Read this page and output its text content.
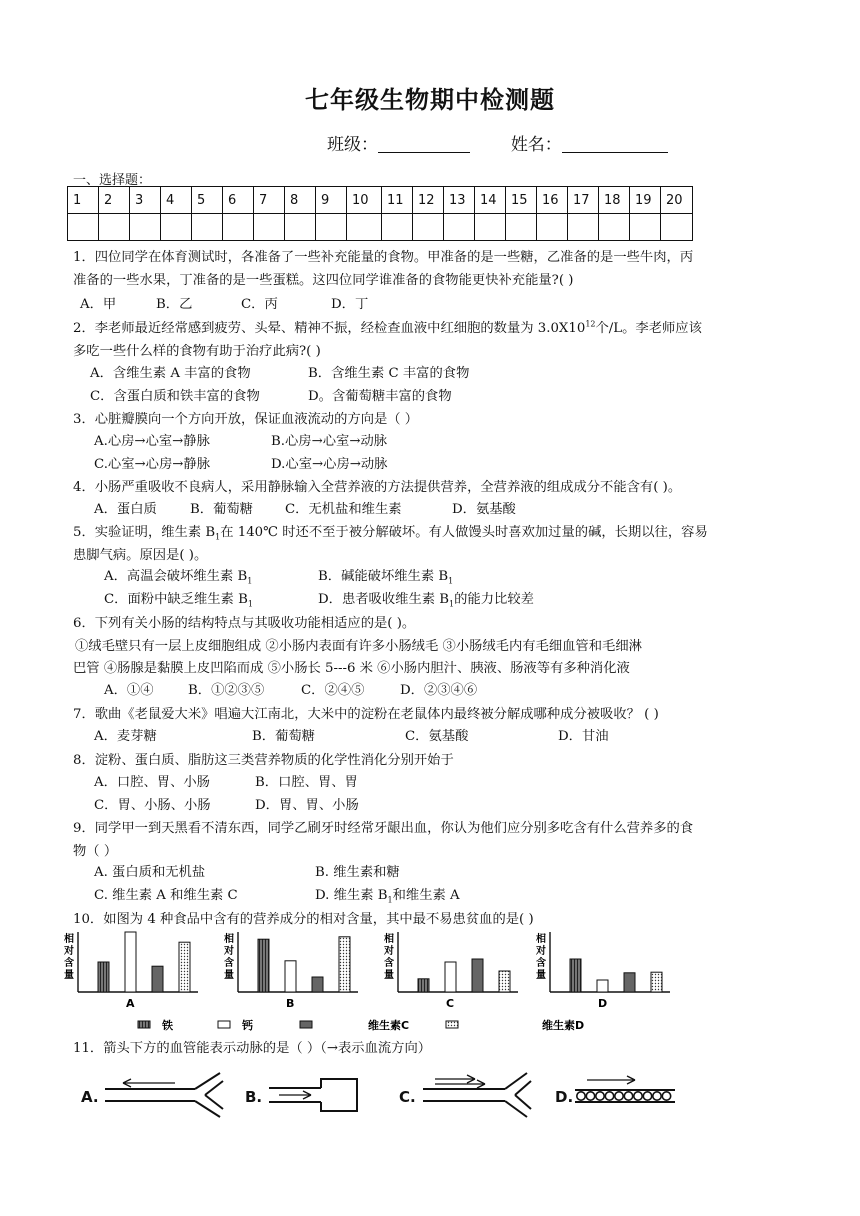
七年级生物期中检测题
班级：	姓名：
一、选择题：
1	2	3	4	5	6	7	8	9	10	11	12	13	14	15	16	17	18	19	20

1．四位同学在体育测试时，各准备了一些补充能量的食物。甲准备的是一些糖，乙准备的是一些牛肉，丙
准备的一些水果，丁准备的是一些蛋糕。这四位同学谁准备的食物能更快补充能量?( )
A．甲	B．乙	C．丙	D．丁
2．李老师最近经常感到疲劳、头晕、精神不振，经检查血液中红细胞的数量为 $3.0X10^{12}$个/L。李老师应该
多吃一些什么样的食物有助于治疗此病?( )
A．含维生素 A 丰富的食物	B．含维生素 C 丰富的食物
C．含蛋白质和铁丰富的食物	D。含葡萄糖丰富的食物
3．心脏瓣膜向一个方向开放，保证血液流动的方向是（ ）
A.心房→心室→静脉	B.心房→心室→动脉
C.心室→心房→静脉	D.心室→心房→动脉
4．小肠严重吸收不良病人，采用静脉输入全营养液的方法提供营养，全营养液的组成成分不能含有( )。
A．蛋白质 B．葡萄糖 C．无机盐和维生素	D．氨基酸
5．实验证明，维生素 $B_1$在 140℃ 时还不至于被分解破坏。有人做馒头时喜欢加过量的碱，长期以往，容易
患脚气病。原因是( )。
A．高温会破坏维生素 $B_1$	B．碱能破坏维生素 $B_1$
C．面粉中缺乏维生素 $B_1$	D．患者吸收维生素 $B_1$的能力比较差
6．下列有关小肠的结构特点与其吸收功能相适应的是( )。
①绒毛壁只有一层上皮细胞组成 ②小肠内表面有许多小肠绒毛 ③小肠绒毛内有毛细血管和毛细淋
巴管 ④肠腺是黏膜上皮凹陷而成 ⑤小肠长 5---6 米 ⑥小肠内胆汁、胰液、肠液等有多种消化液
A．①④	B．①②③⑤	C．②④⑤	D．②③④⑥
7．歌曲《老鼠爱大米》唱遍大江南北，大米中的淀粉在老鼠体内最终被分解成哪种成分被吸收？ ( )
A．麦芽糖	B．葡萄糖	C．氨基酸	D．甘油
8．淀粉、蛋白质、脂肪这三类营养物质的化学性消化分别开始于
A．口腔、胃、小肠	B．口腔、胃、胃
C．胃、小肠、小肠	D．胃、胃、小肠
9．同学甲一到天黑看不清东西，同学乙刷牙时经常牙龈出血，你认为他们应分别多吃含有什么营养多的食
物（ ）
A. 蛋白质和无机盐	B. 维生素和糖
C. 维生素 A 和维生素 C	D. 维生素 $B_1$和维生素 A
10．如图为 4 种食品中含有的营养成分的相对含量，其中最不易患贫血的是( )
相
对
含
量
A
相
对
含
量
B
相
对
含
量
C
相
对
含
量
D
铁	钙	维生素C	维生素D
11．箭头下方的血管能表示动脉的是（ ）（→表示血流方向）
A.	B.	C.	D.
